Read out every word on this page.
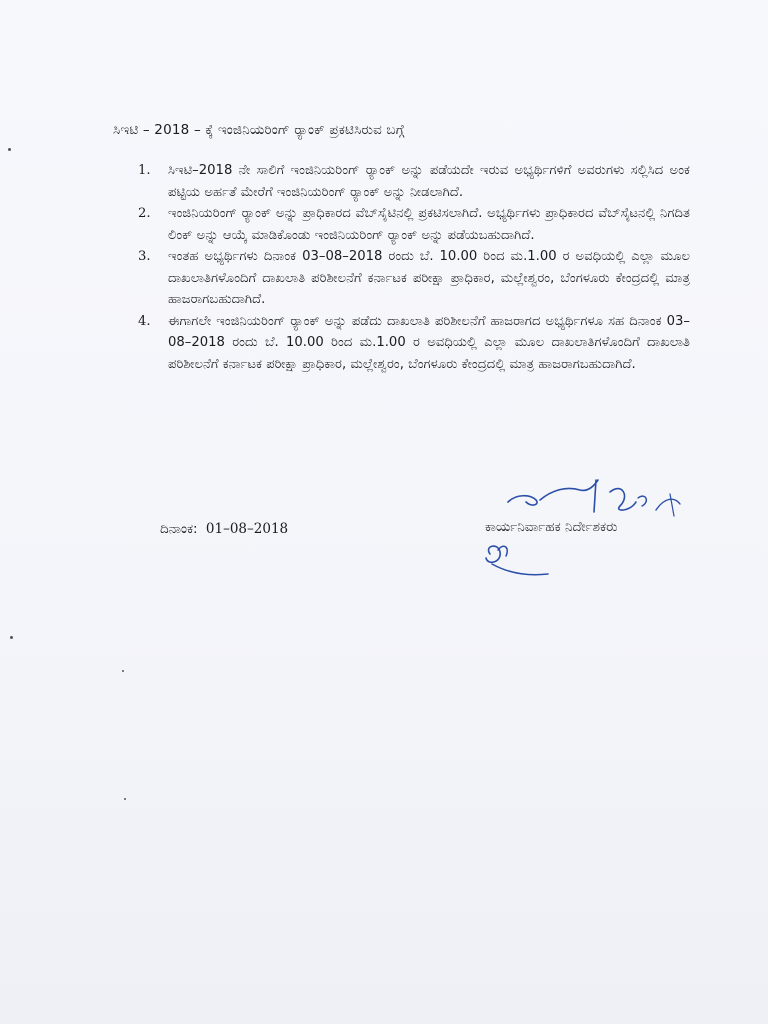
ಸಿಇಟಿ – 2018 – ಕ್ಕೆ ಇಂಜಿನಿಯರಿಂಗ್ ರ್‍ಯಾಂಕ್ ಪ್ರಕಟಿಸಿರುವ ಬಗ್ಗೆ
1. ಸಿಇಟಿ–2018 ನೇ ಸಾಲಿಗೆ ಇಂಜಿನಿಯರಿಂಗ್ ರ್‍ಯಾಂಕ್ ಅನ್ನು ಪಡೆಯದೇ ಇರುವ ಅಭ್ಯರ್ಥಿಗಳಿಗೆ ಅವರುಗಳು ಸಲ್ಲಿಸಿದ ಅಂಕ ಪಟ್ಟಿಯ ಅರ್ಹತೆ ಮೇರೆಗೆ ಇಂಜಿನಿಯರಿಂಗ್ ರ್‍ಯಾಂಕ್ ಅನ್ನು ನೀಡಲಾಗಿದೆ.
2. ಇಂಜಿನಿಯರಿಂಗ್ ರ್‍ಯಾಂಕ್ ಅನ್ನು ಪ್ರಾಧಿಕಾರದ ವೆಬ್‌ಸೈಟಿನಲ್ಲಿ ಪ್ರಕಟಿಸಲಾಗಿದೆ. ಅಭ್ಯರ್ಥಿಗಳು ಪ್ರಾಧಿಕಾರದ ವೆಬ್‌ಸೈಟನಲ್ಲಿ ನಿಗದಿತ ಲಿಂಕ್ ಅನ್ನು ಆಯ್ಕೆ ಮಾಡಿಕೊಂಡು ಇಂಜಿನಿಯರಿಂಗ್ ರ್‍ಯಾಂಕ್ ಅನ್ನು ಪಡೆಯಬಹುದಾಗಿದೆ.
3. ಇಂತಹ ಅಭ್ಯರ್ಥಿಗಳು ದಿನಾಂಕ 03–08–2018 ರಂದು ಬೆ. 10.00 ರಿಂದ ಮ.1.00 ರ ಅವಧಿಯಲ್ಲಿ ಎಲ್ಲಾ ಮೂಲ ದಾಖಲಾತಿಗಳೊಂದಿಗೆ ದಾಖಲಾತಿ ಪರಿಶೀಲನೆಗೆ ಕರ್ನಾಟಕ ಪರೀಕ್ಷಾ ಪ್ರಾಧಿಕಾರ, ಮಲ್ಲೇಶ್ವರಂ, ಬೆಂಗಳೂರು ಕೇಂದ್ರದಲ್ಲಿ ಮಾತ್ರ ಹಾಜರಾಗಬಹುದಾಗಿದೆ.
4. ಈಗಾಗಲೇ ಇಂಜಿನಿಯರಿಂಗ್ ರ್‍ಯಾಂಕ್ ಅನ್ನು ಪಡೆದು ದಾಖಲಾತಿ ಪರಿಶೀಲನೆಗೆ ಹಾಜರಾಗದ ಅಭ್ಯರ್ಥಿಗಳೂ ಸಹ ದಿನಾಂಕ 03–08–2018 ರಂದು ಬೆ. 10.00 ರಿಂದ ಮ.1.00 ರ ಅವಧಿಯಲ್ಲಿ ಎಲ್ಲಾ ಮೂಲ ದಾಖಲಾತಿಗಳೊಂದಿಗೆ ದಾಖಲಾತಿ ಪರಿಶೀಲನೆಗೆ ಕರ್ನಾಟಕ ಪರೀಕ್ಷಾ ಪ್ರಾಧಿಕಾರ, ಮಲ್ಲೇಶ್ವರಂ, ಬೆಂಗಳೂರು ಕೇಂದ್ರದಲ್ಲಿ ಮಾತ್ರ ಹಾಜರಾಗಬಹುದಾಗಿದೆ.
ದಿನಾಂಕ: 01–08–2018	ಕಾರ್ಯನಿರ್ವಾಹಕ ನಿರ್ದೇಶಕರು
